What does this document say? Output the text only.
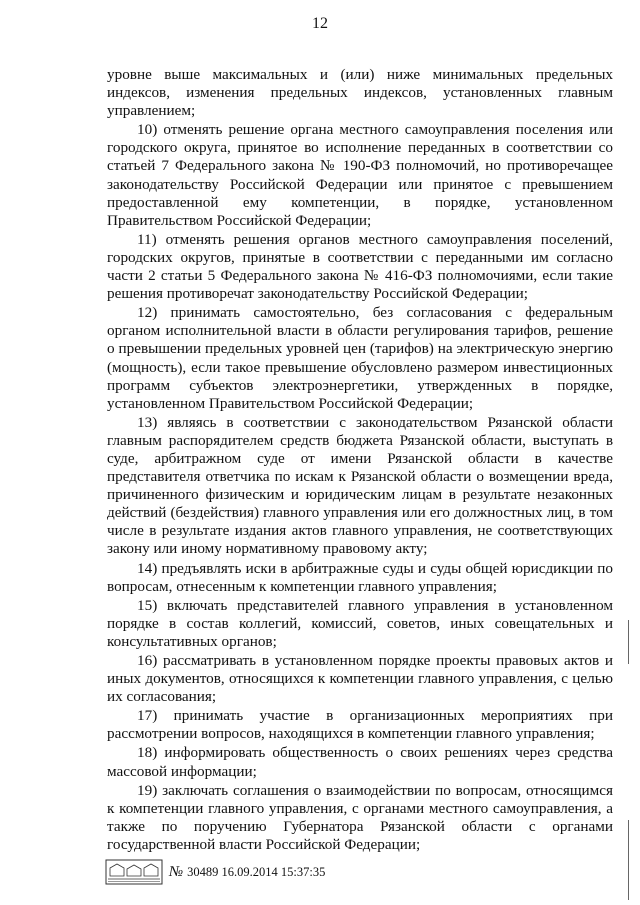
12

уровне выше максимальных и (или) ниже минимальных предельных индексов, изменения предельных индексов, установленных главным управлением;

10) отменять решение органа местного самоуправления поселения или городского округа, принятое во исполнение переданных в соответствии со статьей 7 Федерального закона № 190-ФЗ полномочий, но противоречащее законодательству Российской Федерации или принятое с превышением предоставленной ему компетенции, в порядке, установленном Правительством Российской Федерации;

11) отменять решения органов местного самоуправления поселений, городских округов, принятые в соответствии с переданными им согласно части 2 статьи 5 Федерального закона № 416-ФЗ полномочиями, если такие решения противоречат законодательству Российской Федерации;

12) принимать самостоятельно, без согласования с федеральным органом исполнительной власти в области регулирования тарифов, решение о превышении предельных уровней цен (тарифов) на электрическую энергию (мощность), если такое превышение обусловлено размером инвестиционных программ субъектов электроэнергетики, утвержденных в порядке, установленном Правительством Российской Федерации;

13) являясь в соответствии с законодательством Рязанской области главным распорядителем средств бюджета Рязанской области, выступать в суде, арбитражном суде от имени Рязанской области в качестве представителя ответчика по искам к Рязанской области о возмещении вреда, причиненного физическим и юридическим лицам в результате незаконных действий (бездействия) главного управления или его должностных лиц, в том числе в результате издания актов главного управления, не соответствующих закону или иному нормативному правовому акту;

14) предъявлять иски в арбитражные суды и суды общей юрисдикции по вопросам, отнесенным к компетенции главного управления;

15) включать представителей главного управления в установленном порядке в состав коллегий, комиссий, советов, иных совещательных и консультативных органов;

16) рассматривать в установленном порядке проекты правовых актов и иных документов, относящихся к компетенции главного управления, с целью их согласования;

17) принимать участие в организационных мероприятиях при рассмотрении вопросов, находящихся в компетенции главного управления;

18) информировать общественность о своих решениях через средства массовой информации;

19) заключать соглашения о взаимодействии по вопросам, относящимся к компетенции главного управления, с органами местного самоуправления, а также по поручению Губернатора Рязанской области с органами государственной власти Российской Федерации;

№ 30489 16.09.2014 15:37:35
